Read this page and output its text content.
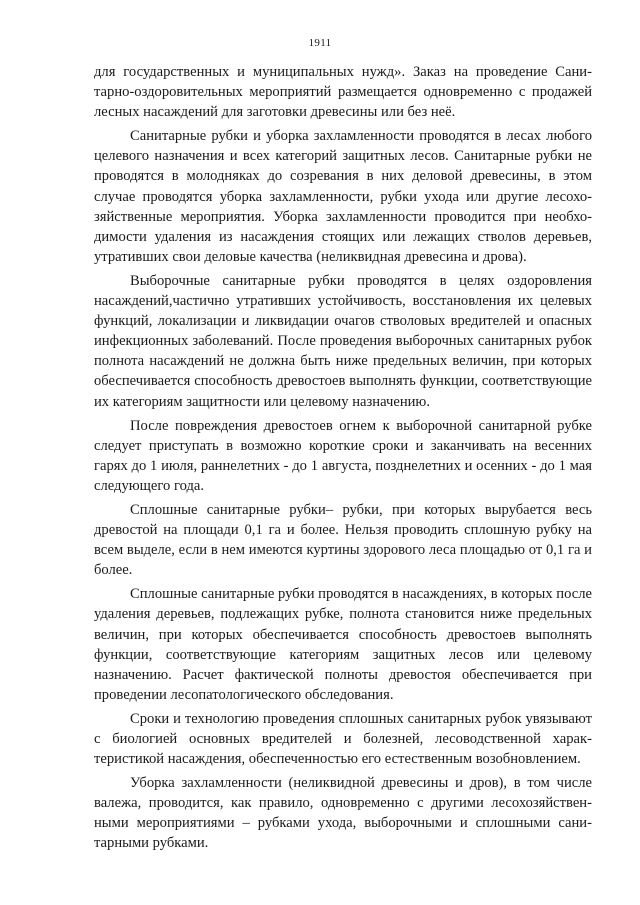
1911

для государственных и муниципальных нужд». Заказ на проведение Санитарно-оздоровительных мероприятий размещается одновременно с продажей лесных насаждений для заготовки древесины или без неё.

Санитарные рубки и уборка захламленности проводятся в лесах любого целевого назначения и всех категорий защитных лесов. Санитарные рубки не проводятся в молодняках до созревания в них деловой древесины, в этом случае проводятся уборка захламленности, рубки ухода или другие лесохозяйственные мероприятия. Уборка захламленности проводится при необходимости удаления из насаждения стоящих или лежащих стволов деревьев, утративших свои деловые качества (неликвидная древесина и дрова).

Выборочные санитарные рубки проводятся в целях оздоровления насаждений,частично утративших устойчивость, восстановления их целевых функций, локализации и ликвидации очагов стволовых вредителей и опасных инфекционных заболеваний. После проведения выборочных санитарных рубок полнота насаждений не должна быть ниже предельных величин, при которых обеспечивается способность древостоев выполнять функции, соответствующие их категориям защитности или целевому назначению.

После повреждения древостоев огнем к выборочной санитарной рубке следует приступать в возможно короткие сроки и заканчивать на весенних гарях до 1 июля, раннелетних - до 1 августа, позднелетних и осенних - до 1 мая следующего года.

Сплошные санитарные рубки– рубки, при которых вырубается весь древостой на площади 0,1 га и более. Нельзя проводить сплошную рубку на всем выделе, если в нем имеются куртины здорового леса площадью от 0,1 га и более.

Сплошные санитарные рубки проводятся в насаждениях, в которых после удаления деревьев, подлежащих рубке, полнота становится ниже предельных величин, при которых обеспечивается способность древостоев выполнять функции, соответствующие категориям защитных лесов или целевому назначению. Расчет фактической полноты древостоя обеспечивается при проведении лесопатологического обследования.

Сроки и технологию проведения сплошных санитарных рубок увязывают с биологией основных вредителей и болезней, лесоводственной характеристикой насаждения, обеспеченностью его естественным возобновлением.

Уборка захламленности (неликвидной древесины и дров), в том числе валежа, проводится, как правило, одновременно с другими лесохозяйственными мероприятиями – рубками ухода, выборочными и сплошными санитарными рубками.
